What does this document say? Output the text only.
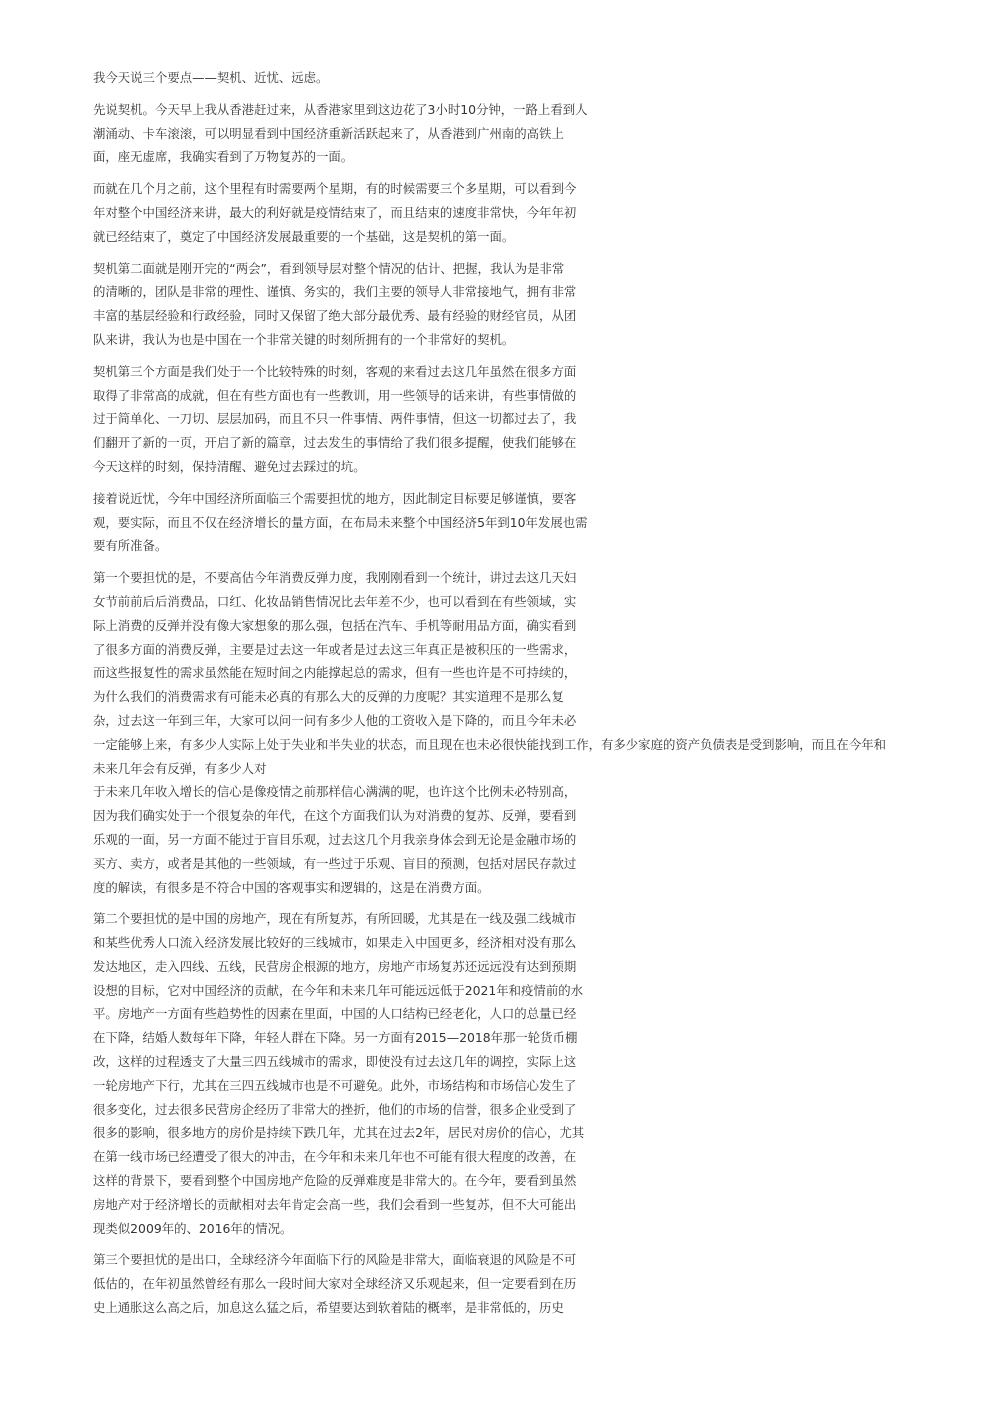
我今天说三个要点——契机、近忧、远虑。
先说契机。今天早上我从香港赶过来，从香港家里到这边花了3小时10分钟，一路上看到人
潮涌动、卡车滚滚，可以明显看到中国经济重新活跃起来了，从香港到广州南的高铁上
面，座无虚席，我确实看到了万物复苏的一面。
而就在几个月之前，这个里程有时需要两个星期，有的时候需要三个多星期，可以看到今
年对整个中国经济来讲，最大的利好就是疫情结束了，而且结束的速度非常快，今年年初
就已经结束了，奠定了中国经济发展最重要的一个基础，这是契机的第一面。
契机第二面就是刚开完的“两会”，看到领导层对整个情况的估计、把握，我认为是非常
的清晰的，团队是非常的理性、谨慎、务实的，我们主要的领导人非常接地气，拥有非常
丰富的基层经验和行政经验，同时又保留了绝大部分最优秀、最有经验的财经官员，从团
队来讲，我认为也是中国在一个非常关键的时刻所拥有的一个非常好的契机。
契机第三个方面是我们处于一个比较特殊的时刻，客观的来看过去这几年虽然在很多方面
取得了非常高的成就，但在有些方面也有一些教训，用一些领导的话来讲，有些事情做的
过于简单化、一刀切、层层加码，而且不只一件事情、两件事情，但这一切都过去了，我
们翻开了新的一页，开启了新的篇章，过去发生的事情给了我们很多提醒，使我们能够在
今天这样的时刻，保持清醒、避免过去踩过的坑。
接着说近忧，今年中国经济所面临三个需要担忧的地方，因此制定目标要足够谨慎，要客
观，要实际，而且不仅在经济增长的量方面，在布局未来整个中国经济5年到10年发展也需
要有所准备。
第一个要担忧的是，不要高估今年消费反弹力度，我刚刚看到一个统计，讲过去这几天妇
女节前前后后消费品，口红、化妆品销售情况比去年差不少，也可以看到在有些领域，实
际上消费的反弹并没有像大家想象的那么强，包括在汽车、手机等耐用品方面，确实看到
了很多方面的消费反弹，主要是过去这一年或者是过去这三年真正是被积压的一些需求，
而这些报复性的需求虽然能在短时间之内能撑起总的需求，但有一些也许是不可持续的，
为什么我们的消费需求有可能未必真的有那么大的反弹的力度呢？其实道理不是那么复
杂，过去这一年到三年，大家可以问一问有多少人他的工资收入是下降的，而且今年未必
一定能够上来，有多少人实际上处于失业和半失业的状态，而且现在也未必很快能找到工作，有多少家庭的资产负债表是受到影响，而且在今年和
未来几年会有反弹，有多少人对
于未来几年收入增长的信心是像疫情之前那样信心满满的呢，也许这个比例未必特别高，
因为我们确实处于一个很复杂的年代，在这个方面我们认为对消费的复苏、反弹，要看到
乐观的一面，另一方面不能过于盲目乐观，过去这几个月我亲身体会到无论是金融市场的
买方、卖方，或者是其他的一些领域，有一些过于乐观、盲目的预测，包括对居民存款过
度的解读，有很多是不符合中国的客观事实和逻辑的，这是在消费方面。
第二个要担忧的是中国的房地产，现在有所复苏，有所回暖，尤其是在一线及强二线城市
和某些优秀人口流入经济发展比较好的三线城市，如果走入中国更多，经济相对没有那么
发达地区，走入四线、五线，民营房企根源的地方，房地产市场复苏还远远没有达到预期
设想的目标，它对中国经济的贡献，在今年和未来几年可能远远低于2021年和疫情前的水
平。房地产一方面有些趋势性的因素在里面，中国的人口结构已经老化，人口的总量已经
在下降，结婚人数每年下降，年轻人群在下降。另一方面有2015—2018年那一轮货币棚
改，这样的过程透支了大量三四五线城市的需求，即使没有过去这几年的调控，实际上这
一轮房地产下行，尤其在三四五线城市也是不可避免。此外，市场结构和市场信心发生了
很多变化，过去很多民营房企经历了非常大的挫折，他们的市场的信誉，很多企业受到了
很多的影响，很多地方的房价是持续下跌几年，尤其在过去2年，居民对房价的信心，尤其
在第一线市场已经遭受了很大的冲击，在今年和未来几年也不可能有很大程度的改善，在
这样的背景下，要看到整个中国房地产危险的反弹难度是非常大的。在今年，要看到虽然
房地产对于经济增长的贡献相对去年肯定会高一些，我们会看到一些复苏，但不大可能出
现类似2009年的、2016年的情况。
第三个要担忧的是出口，全球经济今年面临下行的风险是非常大，面临衰退的风险是不可
低估的，在年初虽然曾经有那么一段时间大家对全球经济又乐观起来，但一定要看到在历
史上通胀这么高之后，加息这么猛之后，希望要达到软着陆的概率，是非常低的，历史
